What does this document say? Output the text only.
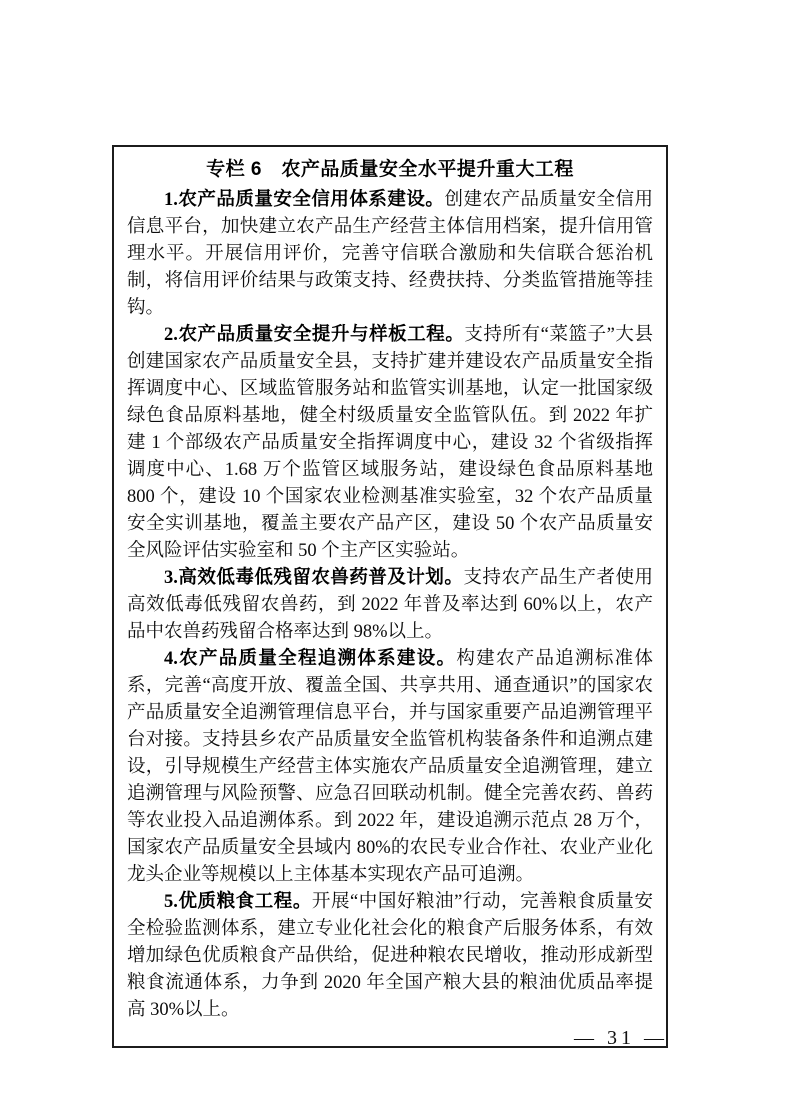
专栏 6　农产品质量安全水平提升重大工程

1.农产品质量安全信用体系建设。创建农产品质量安全信用信息平台，加快建立农产品生产经营主体信用档案，提升信用管理水平。开展信用评价，完善守信联合激励和失信联合惩治机制，将信用评价结果与政策支持、经费扶持、分类监管措施等挂钩。

2.农产品质量安全提升与样板工程。支持所有“菜篮子”大县创建国家农产品质量安全县，支持扩建并建设农产品质量安全指挥调度中心、区域监管服务站和监管实训基地，认定一批国家级绿色食品原料基地，健全村级质量安全监管队伍。到 2022 年扩建 1 个部级农产品质量安全指挥调度中心，建设 32 个省级指挥调度中心、1.68 万个监管区域服务站，建设绿色食品原料基地 800 个，建设 10 个国家农业检测基准实验室，32 个农产品质量安全实训基地，覆盖主要农产品产区，建设 50 个农产品质量安全风险评估实验室和 50 个主产区实验站。

3.高效低毒低残留农兽药普及计划。支持农产品生产者使用高效低毒低残留农兽药，到 2022 年普及率达到 60%以上，农产品中农兽药残留合格率达到 98%以上。

4.农产品质量全程追溯体系建设。构建农产品追溯标准体系，完善“高度开放、覆盖全国、共享共用、通查通识”的国家农产品质量安全追溯管理信息平台，并与国家重要产品追溯管理平台对接。支持县乡农产品质量安全监管机构装备条件和追溯点建设，引导规模生产经营主体实施农产品质量安全追溯管理，建立追溯管理与风险预警、应急召回联动机制。健全完善农药、兽药等农业投入品追溯体系。到 2022 年，建设追溯示范点 28 万个，国家农产品质量安全县域内 80%的农民专业合作社、农业产业化龙头企业等规模以上主体基本实现农产品可追溯。

5.优质粮食工程。开展“中国好粮油”行动，完善粮食质量安全检验监测体系，建立专业化社会化的粮食产后服务体系，有效增加绿色优质粮食产品供给，促进种粮农民增收，推动形成新型粮食流通体系，力争到 2020 年全国产粮大县的粮油优质品率提高 30%以上。

— 31 —
